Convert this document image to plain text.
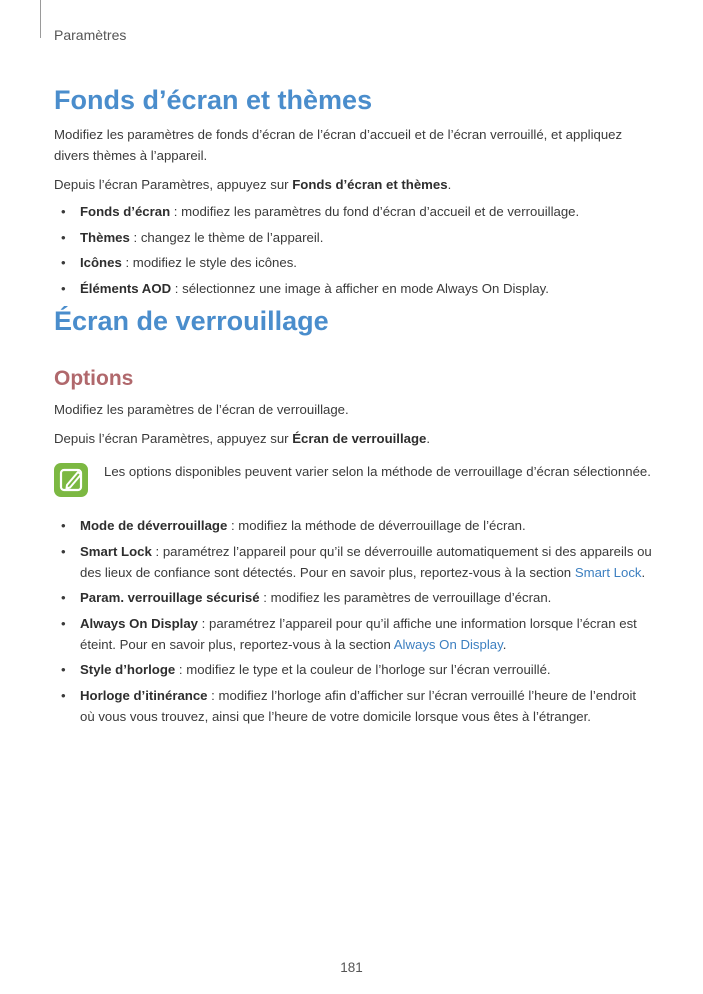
Paramètres
Fonds d’écran et thèmes

Modifiez les paramètres de fonds d’écran de l’écran d’accueil et de l’écran verrouillé, et appliquez divers thèmes à l’appareil.

Depuis l’écran Paramètres, appuyez sur Fonds d’écran et thèmes.

• Fonds d’écran : modifiez les paramètres du fond d’écran d’accueil et de verrouillage.
• Thèmes : changez le thème de l’appareil.
• Icônes : modifiez le style des icônes.
• Éléments AOD : sélectionnez une image à afficher en mode Always On Display.
Écran de verrouillage
Options

Modifiez les paramètres de l’écran de verrouillage.

Depuis l’écran Paramètres, appuyez sur Écran de verrouillage.

Les options disponibles peuvent varier selon la méthode de verrouillage d’écran sélectionnée.
• Mode de déverrouillage : modifiez la méthode de déverrouillage de l’écran.
• Smart Lock : paramétrez l’appareil pour qu’il se déverrouille automatiquement si des appareils ou des lieux de confiance sont détectés. Pour en savoir plus, reportez-vous à la section Smart Lock.
• Param. verrouillage sécurisé : modifiez les paramètres de verrouillage d’écran.
• Always On Display : paramétrez l’appareil pour qu’il affiche une information lorsque l’écran est éteint. Pour en savoir plus, reportez-vous à la section Always On Display.
• Style d’horloge : modifiez le type et la couleur de l’horloge sur l’écran verrouillé.
• Horloge d’itinérance : modifiez l’horloge afin d’afficher sur l’écran verrouillé l’heure de l’endroit où vous vous trouvez, ainsi que l’heure de votre domicile lorsque vous êtes à l’étranger.
181
